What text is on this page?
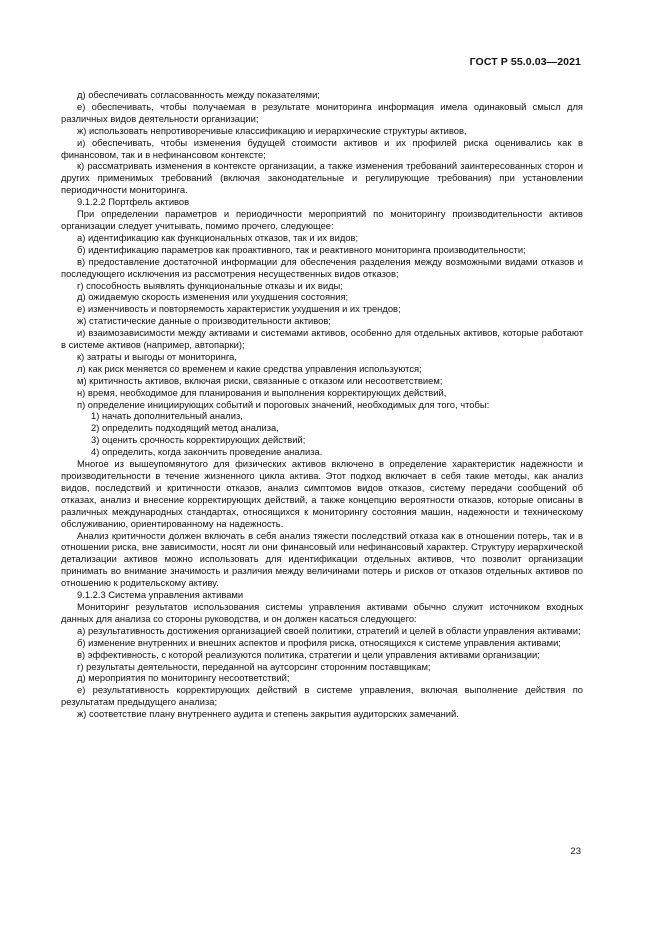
ГОСТ Р 55.0.03—2021

д) обеспечивать согласованность между показателями;

е) обеспечивать, чтобы получаемая в результате мониторинга информация имела одинаковый смысл для различных видов деятельности организации;

ж) использовать непротиворечивые классификацию и иерархические структуры активов,

и) обеспечивать, чтобы изменения будущей стоимости активов и их профилей риска оценивались как в финансовом, так и в нефинансовом контексте;

к) рассматривать изменения в контексте организации, а также изменения требований заинтересованных сторон и других применимых требований (включая законодательные и регулирующие требования) при установлении периодичности мониторинга.

9.1.2.2 Портфель активов

При определении параметров и периодичности мероприятий по мониторингу производительности активов организации следует учитывать, помимо прочего, следующее:

а) идентификацию как функциональных отказов, так и их видов;

б) идентификацию параметров как проактивного, так и реактивного мониторинга производительности;

в) предоставление достаточной информации для обеспечения разделения между возможными видами отказов и последующего исключения из рассмотрения несущественных видов отказов;

г) способность выявлять функциональные отказы и их виды;

д) ожидаемую скорость изменения или ухудшения состояния;

е) изменчивость и повторяемость характеристик ухудшения и их трендов;

ж) статистические данные о производительности активов;

и) взаимозависимости между активами и системами активов, особенно для отдельных активов, которые работают в системе активов (например, автопарки);

к) затраты и выгоды от мониторинга,

л) как риск меняется со временем и какие средства управления используются;

м) критичность активов, включая риски, связанные с отказом или несоответствием;

н) время, необходимое для планирования и выполнения корректирующих действий,

п) определение инициирующих событий и пороговых значений, необходимых для того, чтобы:

1) начать дополнительный анализ,

2) определить подходящий метод анализа,

3) оценить срочность корректирующих действий;

4) определить, когда закончить проведение анализа.

Многое из вышеупомянутого для физических активов включено в определение характеристик надежности и производительности в течение жизненного цикла актива. Этот подход включает в себя такие методы, как анализ видов, последствий и критичности отказов, анализ симптомов видов отказов, систему передачи сообщений об отказах, анализ и внесение корректирующих действий, а также концепцию вероятности отказов, которые описаны в различных международных стандартах, относящихся к мониторингу состояния машин, надежности и техническому обслуживанию, ориентированному на надежность.

Анализ критичности должен включать в себя анализ тяжести последствий отказа как в отношении потерь, так и в отношении риска, вне зависимости, носят ли они финансовый или нефинансовый характер. Структуру иерархической детализации активов можно использовать для идентификации отдельных активов, что позволит организации принимать во внимание значимость и различия между величинами потерь и рисков от отказов отдельных активов по отношению к родительскому активу.

9.1.2.3 Система управления активами

Мониторинг результатов использования системы управления активами обычно служит источником входных данных для анализа со стороны руководства, и он должен касаться следующего:

а) результативность достижения организацией своей политики, стратегий и целей в области управления активами;

б) изменение внутренних и внешних аспектов и профиля риска, относящихся к системе управления активами;

в) эффективность, с которой реализуются политика, стратегии и цели управления активами организации;

г) результаты деятельности, переданной на аутсорсинг сторонним поставщикам;

д) мероприятия по мониторингу несоответствий;

е) результативность корректирующих действий в системе управления, включая выполнение действия по результатам предыдущего анализа;

ж) соответствие плану внутреннего аудита и степень закрытия аудиторских замечаний.

23
